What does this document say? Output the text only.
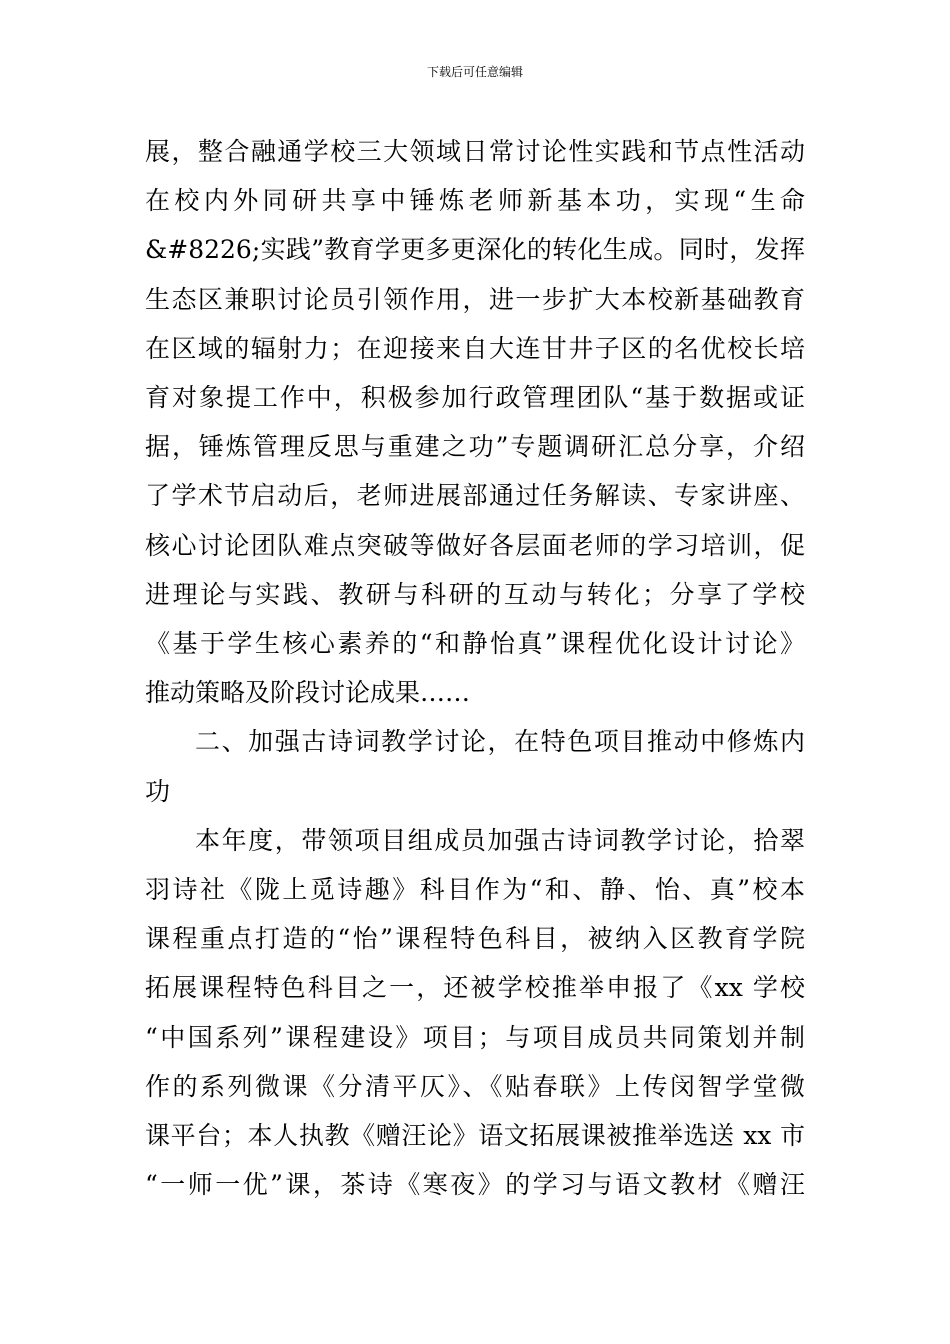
下载后可任意编辑
展，整合融通学校三大领域日常讨论性实践和节点性活动
在校内外同研共享中锤炼老师新基本功，实现“生命
&#8226;实践”教育学更多更深化的转化生成。同时，发挥
生态区兼职讨论员引领作用，进一步扩大本校新基础教育
在区域的辐射力；在迎接来自大连甘井子区的名优校长培
育对象提工作中，积极参加行政管理团队“基于数据或证
据，锤炼管理反思与重建之功”专题调研汇总分享，介绍
了学术节启动后，老师进展部通过任务解读、专家讲座、
核心讨论团队难点突破等做好各层面老师的学习培训，促
进理论与实践、教研与科研的互动与转化；分享了学校
《基于学生核心素养的“和静怡真”课程优化设计讨论》
推动策略及阶段讨论成果……
二、加强古诗词教学讨论，在特色项目推动中修炼内
功
本年度，带领项目组成员加强古诗词教学讨论，拾翠
羽诗社《陇上觅诗趣》科目作为“和、静、怡、真”校本
课程重点打造的“怡”课程特色科目，被纳入区教育学院
拓展课程特色科目之一，还被学校推举申报了《xx 学校
“中国系列”课程建设》项目；与项目成员共同策划并制
作的系列微课《分清平仄》、《贴春联》上传闵智学堂微
课平台；本人执教《赠汪论》语文拓展课被推举选送 xx 市
“一师一优”课，茶诗《寒夜》的学习与语文教材《赠汪
